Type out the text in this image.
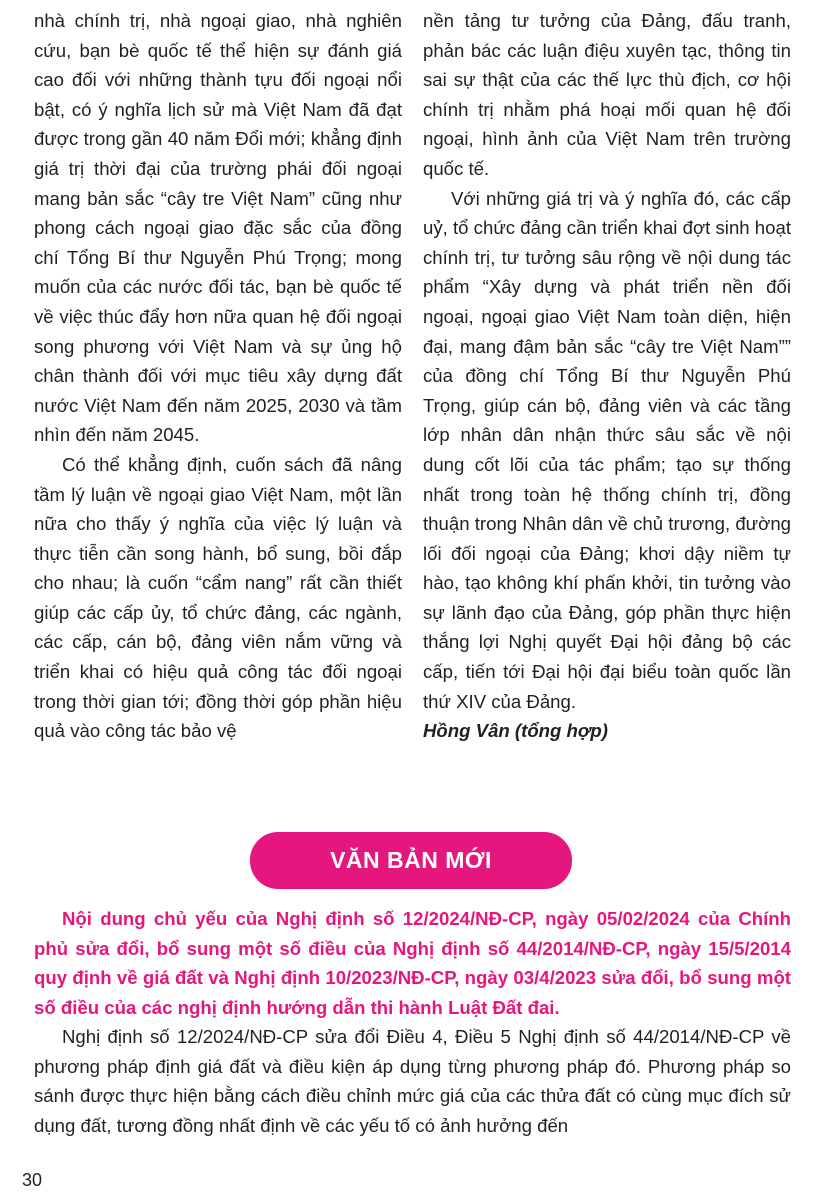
nhà chính trị, nhà ngoại giao, nhà nghiên cứu, bạn bè quốc tế thể hiện sự đánh giá cao đối với những thành tựu đối ngoại nổi bật, có ý nghĩa lịch sử mà Việt Nam đã đạt được trong gần 40 năm Đổi mới; khẳng định giá trị thời đại của trường phái đối ngoại mang bản sắc “cây tre Việt Nam” cũng như phong cách ngoại giao đặc sắc của đồng chí Tổng Bí thư Nguyễn Phú Trọng; mong muốn của các nước đối tác, bạn bè quốc tế về việc thúc đẩy hơn nữa quan hệ đối ngoại song phương với Việt Nam và sự ủng hộ chân thành đối với mục tiêu xây dựng đất nước Việt Nam đến năm 2025, 2030 và tầm nhìn đến năm 2045.

Có thể khẳng định, cuốn sách đã nâng tầm lý luận về ngoại giao Việt Nam, một lần nữa cho thấy ý nghĩa của việc lý luận và thực tiễn cần song hành, bổ sung, bồi đắp cho nhau; là cuốn “cẩm nang” rất cần thiết giúp các cấp ủy, tổ chức đảng, các ngành, các cấp, cán bộ, đảng viên nắm vững và triển khai có hiệu quả công tác đối ngoại trong thời gian tới; đồng thời góp phần hiệu quả vào công tác bảo vệ

nền tảng tư tưởng của Đảng, đấu tranh, phản bác các luận điệu xuyên tạc, thông tin sai sự thật của các thế lực thù địch, cơ hội chính trị nhằm phá hoại mối quan hệ đối ngoại, hình ảnh của Việt Nam trên trường quốc tế.

Với những giá trị và ý nghĩa đó, các cấp uỷ, tổ chức đảng cần triển khai đợt sinh hoạt chính trị, tư tưởng sâu rộng về nội dung tác phẩm “Xây dựng và phát triển nền đối ngoại, ngoại giao Việt Nam toàn diện, hiện đại, mang đậm bản sắc “cây tre Việt Nam”” của đồng chí Tổng Bí thư Nguyễn Phú Trọng, giúp cán bộ, đảng viên và các tầng lớp nhân dân nhận thức sâu sắc về nội dung cốt lõi của tác phẩm; tạo sự thống nhất trong toàn hệ thống chính trị, đồng thuận trong Nhân dân về chủ trương, đường lối đối ngoại của Đảng; khơi dậy niềm tự hào, tạo không khí phấn khởi, tin tưởng vào sự lãnh đạo của Đảng, góp phần thực hiện thắng lợi Nghị quyết Đại hội đảng bộ các cấp, tiến tới Đại hội đại biểu toàn quốc lần thứ XIV của Đảng.

Hồng Vân (tổng hợp)

VĂN BẢN MỚI

Nội dung chủ yếu của Nghị định số 12/2024/NĐ-CP, ngày 05/02/2024 của Chính phủ sửa đổi, bổ sung một số điều của Nghị định số 44/2014/NĐ-CP, ngày 15/5/2014 quy định về giá đất và Nghị định 10/2023/NĐ-CP, ngày 03/4/2023 sửa đổi, bổ sung một số điều của các nghị định hướng dẫn thi hành Luật Đất đai.

Nghị định số 12/2024/NĐ-CP sửa đổi Điều 4, Điều 5 Nghị định số 44/2014/NĐ-CP về phương pháp định giá đất và điều kiện áp dụng từng phương pháp đó. Phương pháp so sánh được thực hiện bằng cách điều chỉnh mức giá của các thửa đất có cùng mục đích sử dụng đất, tương đồng nhất định về các yếu tố có ảnh hưởng đến

30
